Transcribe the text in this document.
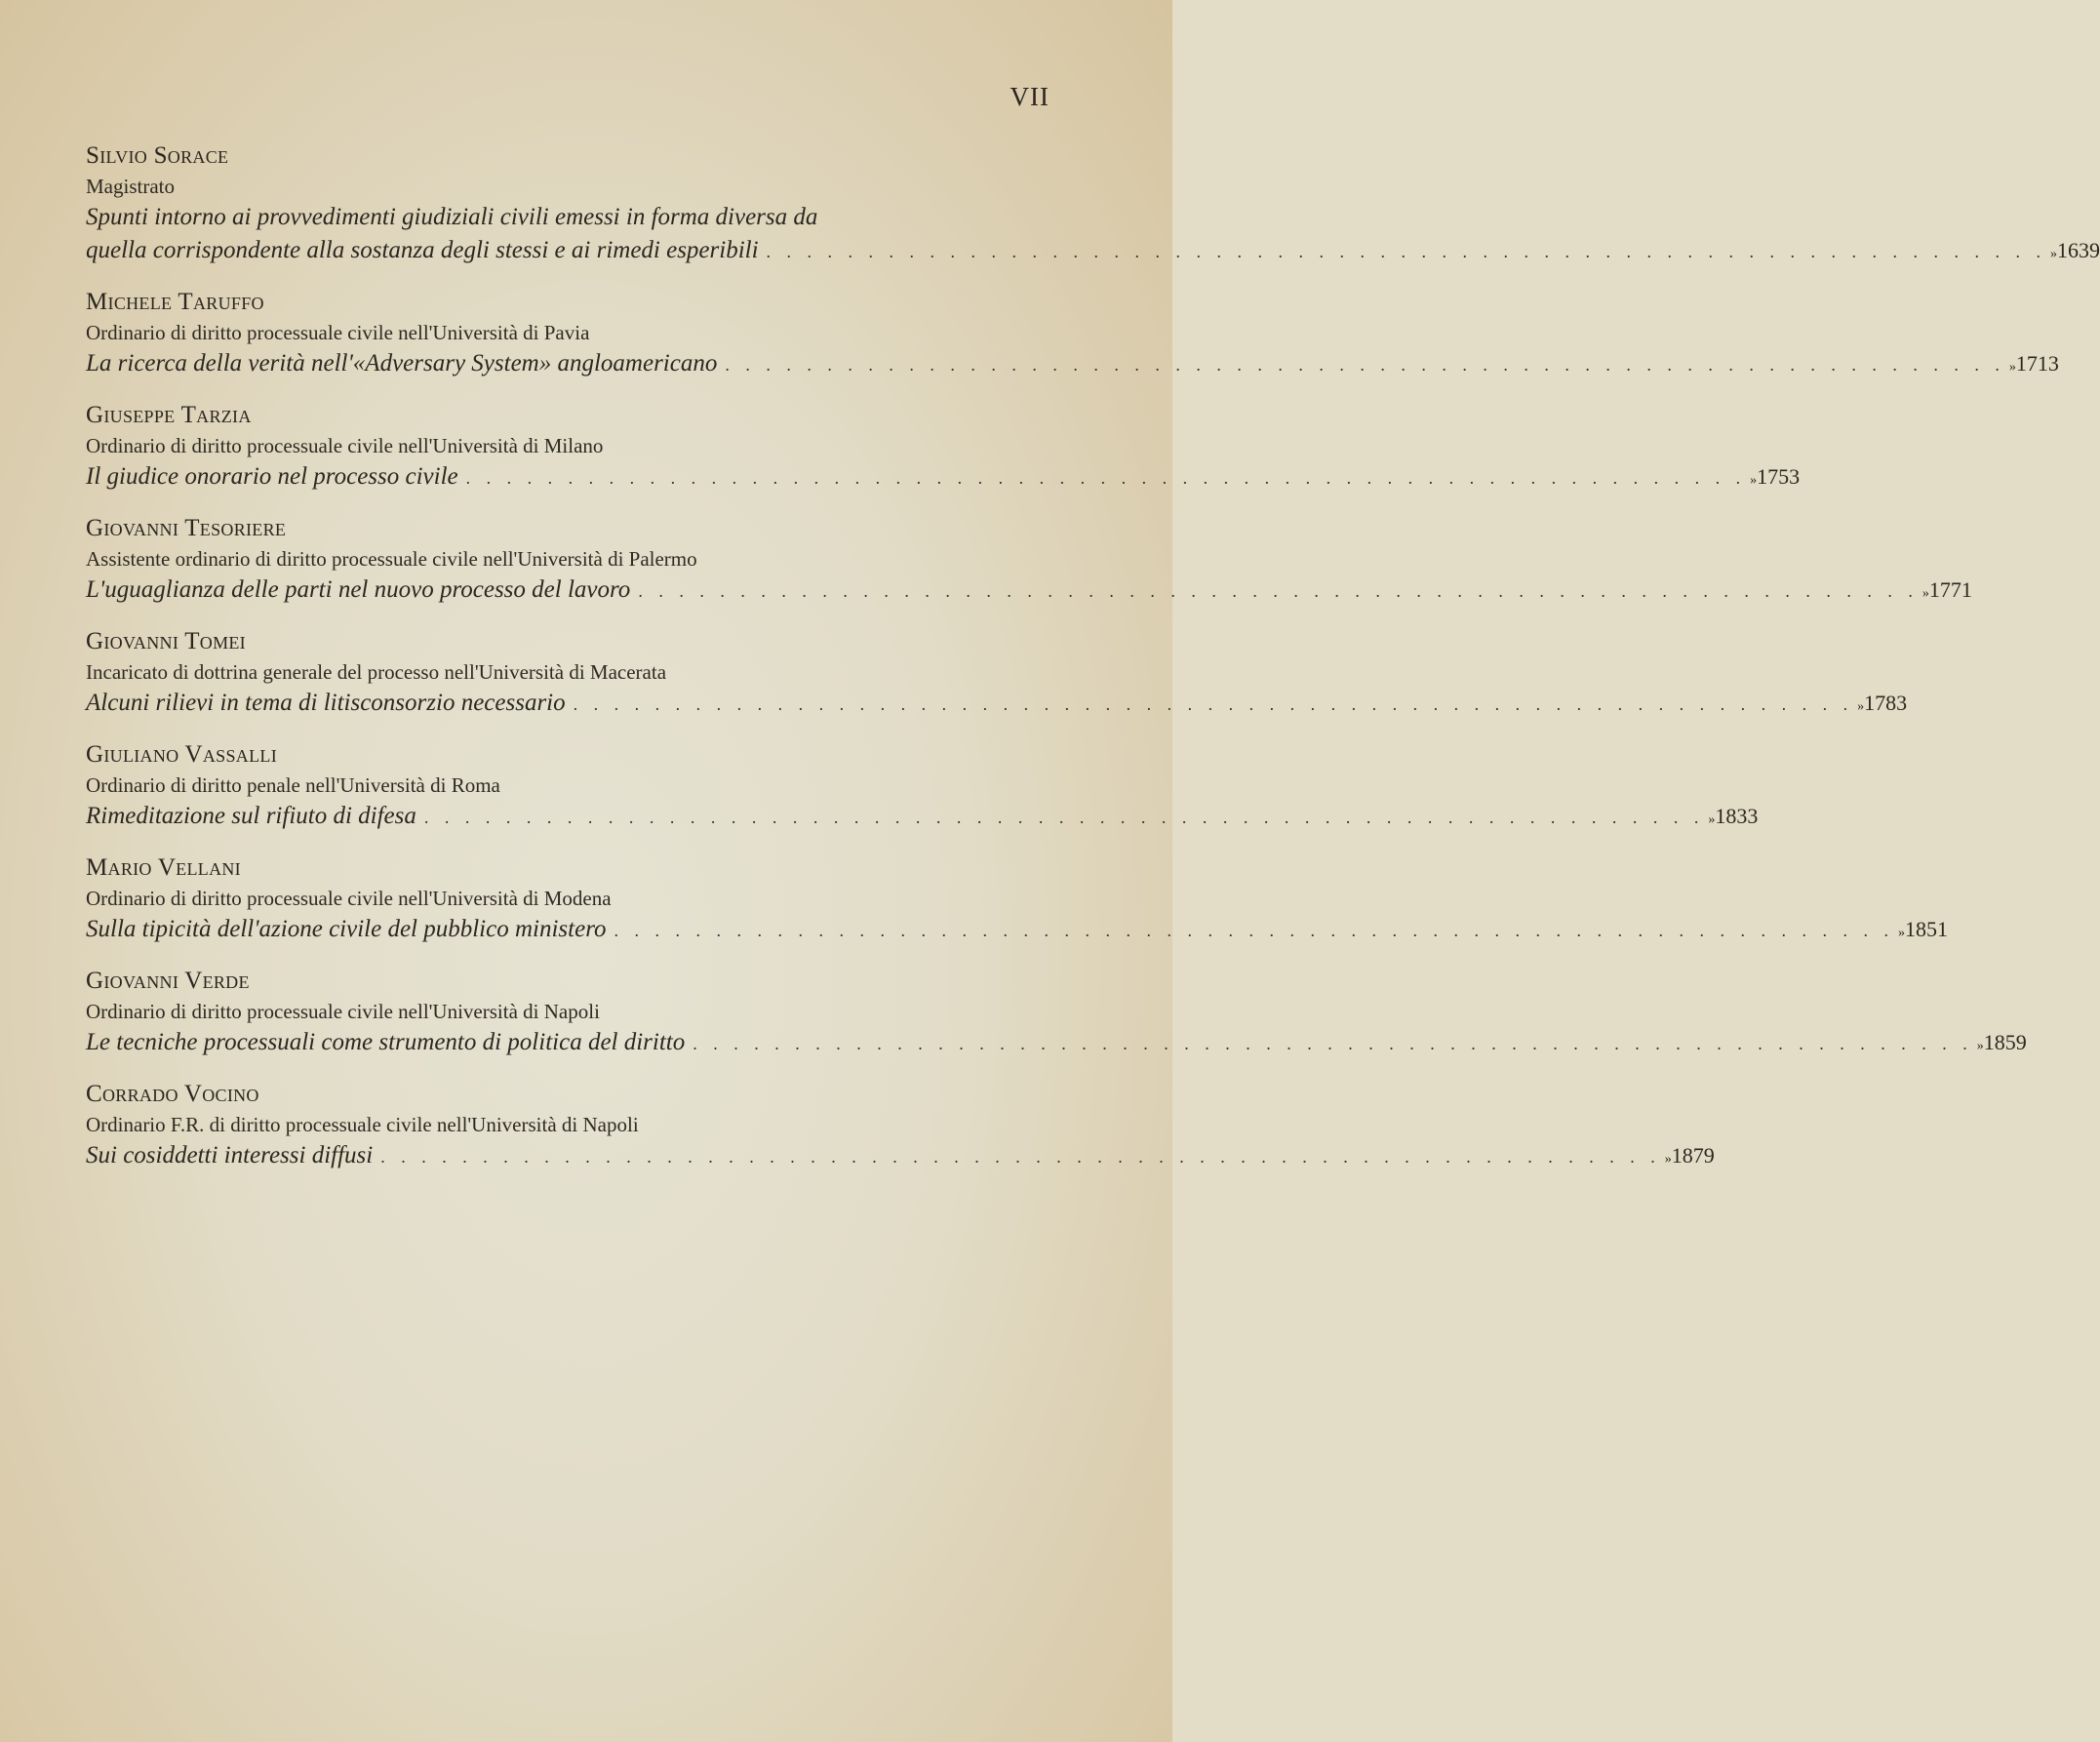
VII
Silvio Sorace
Magistrato
Spunti intorno ai provvedimenti giudiziali civili emessi in forma diversa da
quella corrispondente alla sostanza degli stessi e ai rimedi esperibili . . . . . . . . . . . . . . . . . . . . . . . . . . . . . . . . . . . . . . . . . . . . . . . . . . . . . . . . . . . . . . . » 1639
Michele Taruffo
Ordinario di diritto processuale civile nell'Università di Pavia
La ricerca della verità nell'«Adversary System» angloamericano . . . . . . . . . . . . . . . . . . . . . . . . . . . . . . . . . . . . . . . . . . . . . . . . . . . . . . . . . . . . . . . » 1713
Giuseppe Tarzia
Ordinario di diritto processuale civile nell'Università di Milano
Il giudice onorario nel processo civile . . . . . . . . . . . . . . . . . . . . . . . . . . . . . . . . . . . . . . . . . . . . . . . . . . . . . . . . . . . . . . . » 1753
Giovanni Tesoriere
Assistente ordinario di diritto processuale civile nell'Università di Palermo
L'uguaglianza delle parti nel nuovo processo del lavoro . . . . . . . . . . . . . . . . . . . . . . . . . . . . . . . . . . . . . . . . . . . . . . . . . . . . . . . . . . . . . . . » 1771
Giovanni Tomei
Incaricato di dottrina generale del processo nell'Università di Macerata
Alcuni rilievi in tema di litisconsorzio necessario . . . . . . . . . . . . . . . . . . . . . . . . . . . . . . . . . . . . . . . . . . . . . . . . . . . . . . . . . . . . . . . » 1783
Giuliano Vassalli
Ordinario di diritto penale nell'Università di Roma
Rimeditazione sul rifiuto di difesa . . . . . . . . . . . . . . . . . . . . . . . . . . . . . . . . . . . . . . . . . . . . . . . . . . . . . . . . . . . . . . . » 1833
Mario Vellani
Ordinario di diritto processuale civile nell'Università di Modena
Sulla tipicità dell'azione civile del pubblico ministero . . . . . . . . . . . . . . . . . . . . . . . . . . . . . . . . . . . . . . . . . . . . . . . . . . . . . . . . . . . . . . . » 1851
Giovanni Verde
Ordinario di diritto processuale civile nell'Università di Napoli
Le tecniche processuali come strumento di politica del diritto . . . . . . . . . . . . . . . . . . . . . . . . . . . . . . . . . . . . . . . . . . . . . . . . . . . . . . . . . . . . . . . » 1859
Corrado Vocino
Ordinario F.R. di diritto processuale civile nell'Università di Napoli
Sui cosiddetti interessi diffusi . . . . . . . . . . . . . . . . . . . . . . . . . . . . . . . . . . . . . . . . . . . . . . . . . . . . . . . . . . . . . . . » 1879
